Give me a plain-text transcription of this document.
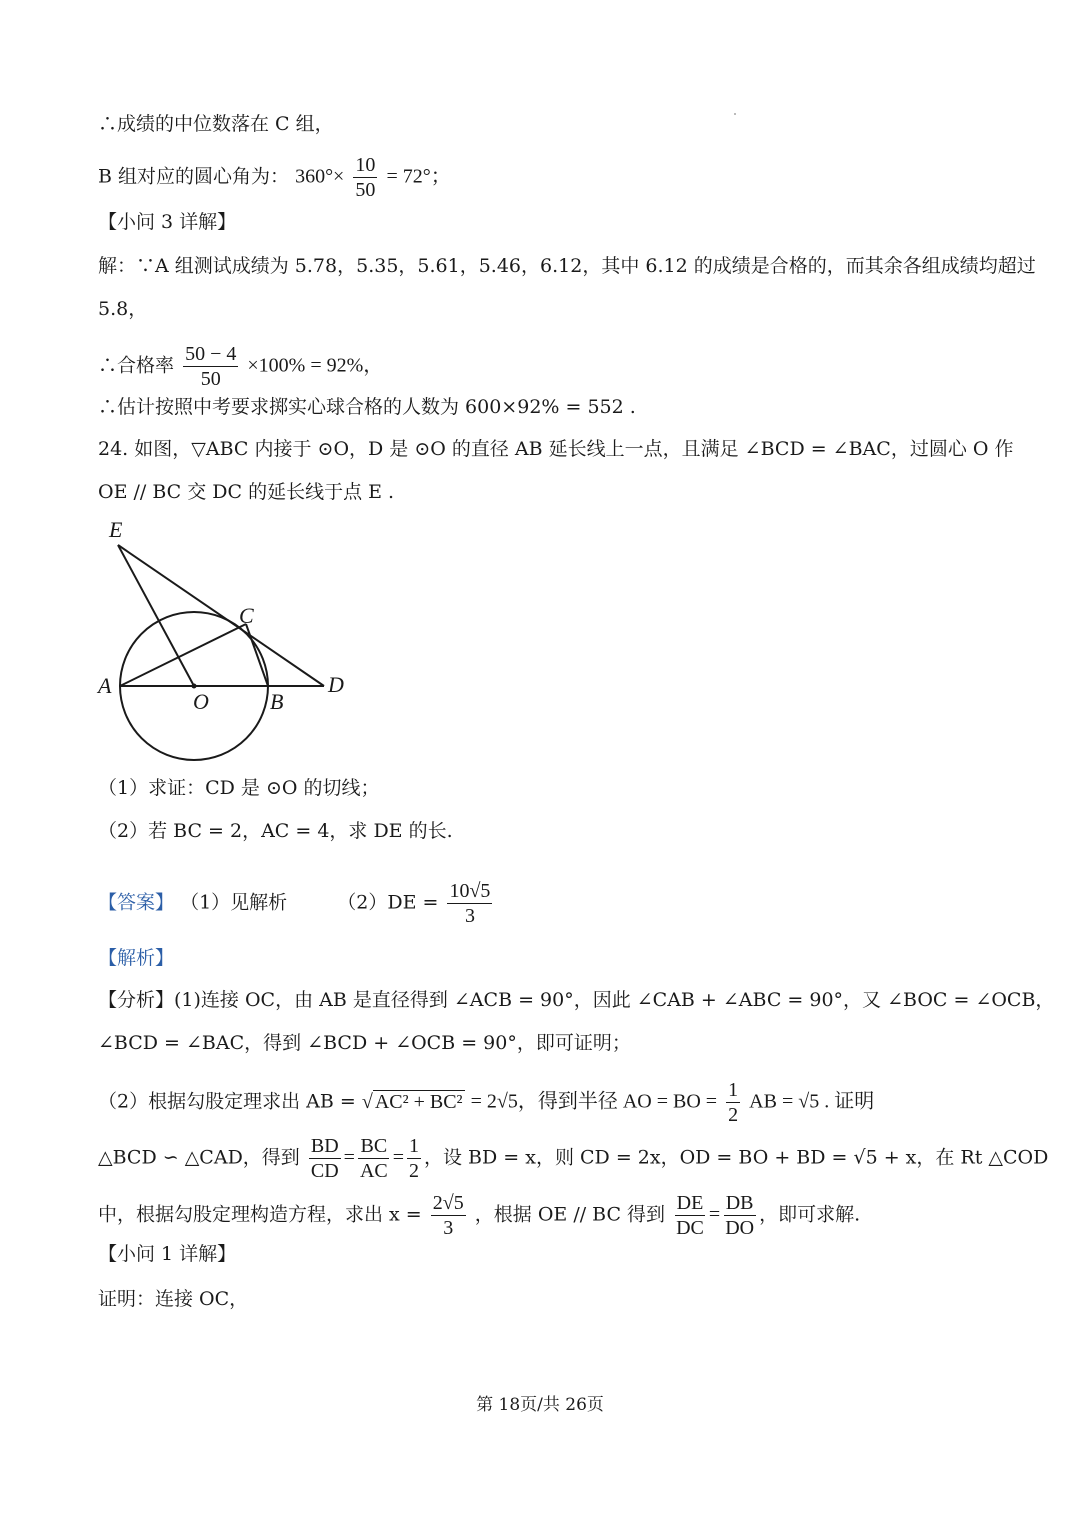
∴成绩的中位数落在 C 组，
B 组对应的圆心角为： $360^\circ\times \frac{10}{50} = 72^\circ$；
【小问 3 详解】
解：∵A 组测试成绩为 5.78，5.35，5.61，5.46，6.12，其中 6.12 的成绩是合格的，而其余各组成绩均超过
5.8，
∴合格率 $\frac{50 - 4}{50} \times 100\% = 92\%$，
∴估计按照中考要求掷实心球合格的人数为 600×92% = 552 .
24. 如图，▽ABC 内接于 ⊙O，D 是 ⊙O 的直径 AB 延长线上一点，且满足 ∠BCD = ∠BAC，过圆心 O 作
OE // BC 交 DC 的延长线于点 E .
E
C
A
O	B
D
（1）求证：CD 是 ⊙O 的切线；
（2）若 BC = 2，AC = 4，求 DE 的长.
【答案】 （1）见解析	$(2)DE = \frac{10√5}{3}$
【解析】
【分析】(1)连接 OC，由 AB 是直径得到 ∠ACB = 90°，因此 ∠CAB + ∠ABC = 90°，又 ∠BOC = ∠OCB，
∠BCD = ∠BAC，得到 ∠BCD + ∠OCB = 90°，即可证明；
（2）根据勾股定理求出 AB = √ AC² + BC² = 2√5，得到半径 AO = BO = $\frac{1}{2}$ AB = √5 . 证明
△BCD ∽ △CAD，得到 $\frac{BD}{CD} = \frac{BC}{AC} = \frac{1}{2}$ ，设 BD = x，则 CD = 2x，OD = BO + BD = √5 + x，在 Rt △COD
中，根据勾股定理构造方程，求出 $x = \frac{2√5}{3}$ ，根据 OE // BC 得到 $\frac{DE}{DC} = \frac{DB}{DO}$ ，即可求解.
【小问 1 详解】
证明：连接 OC，
第 18页/共 26页
